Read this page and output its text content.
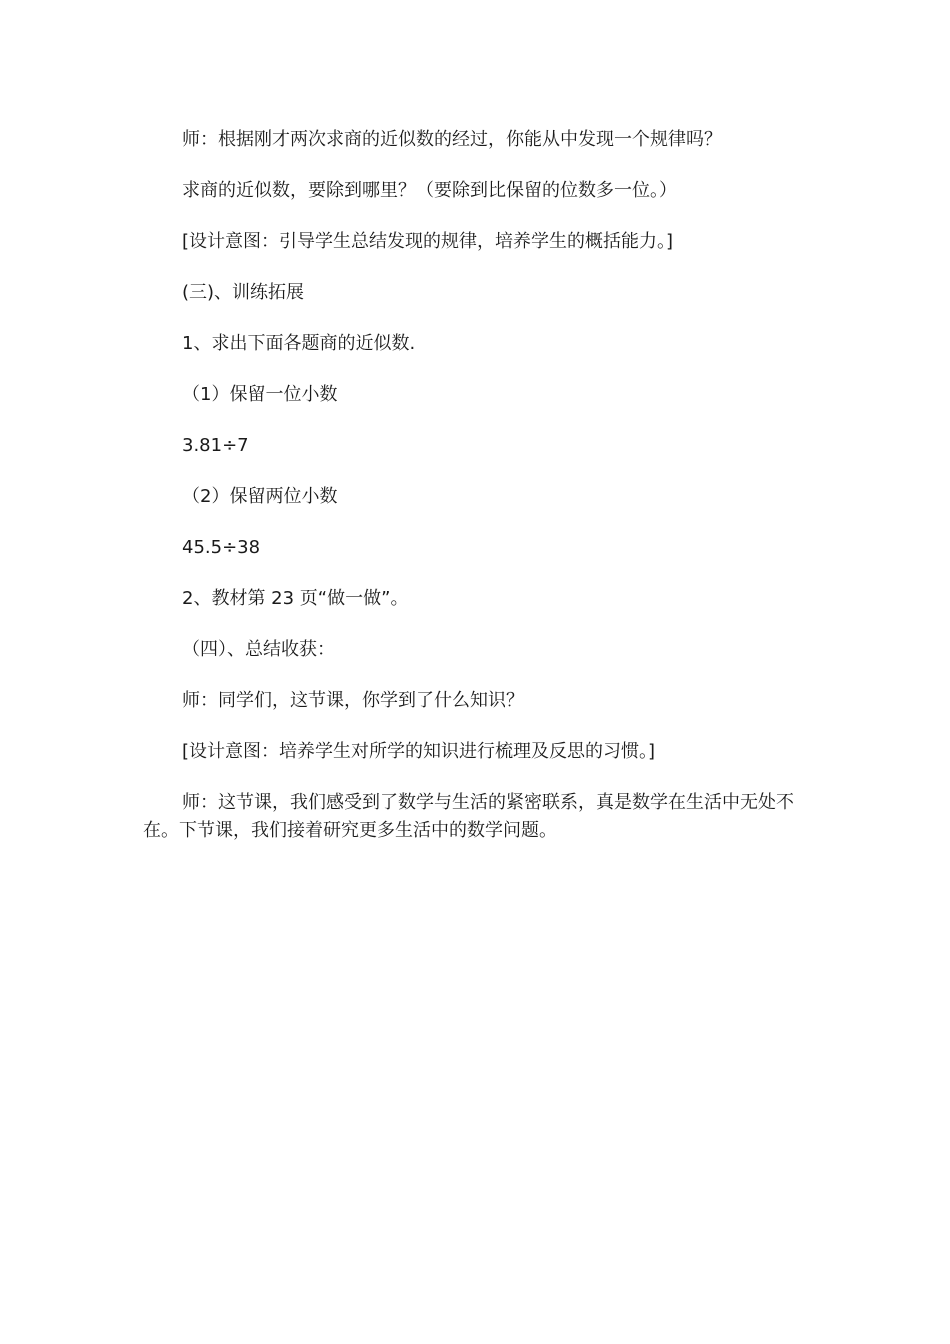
师：根据刚才两次求商的近似数的经过，你能从中发现一个规律吗？

求商的近似数，要除到哪里？（要除到比保留的位数多一位。）

[设计意图：引导学生总结发现的规律，培养学生的概括能力。]

(三)、训练拓展

1、求出下面各题商的近似数.

（1）保留一位小数

3.81÷7

（2）保留两位小数

45.5÷38

2、教材第 23 页“做一做”。

（四）、总结收获：

师：同学们，这节课，你学到了什么知识？

[设计意图：培养学生对所学的知识进行梳理及反思的习惯。]

师：这节课，我们感受到了数学与生活的紧密联系，真是数学在生活中无处不在。下节课，我们接着研究更多生活中的数学问题。
